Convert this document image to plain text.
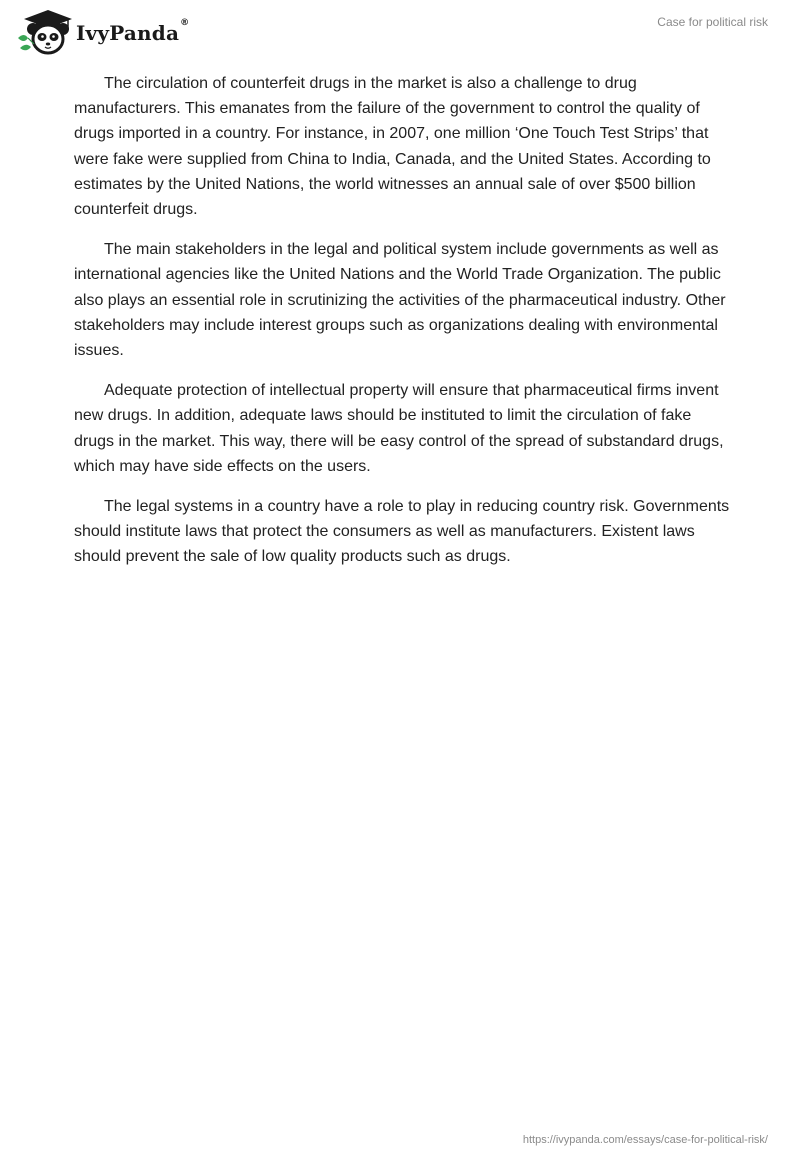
IvyPanda®	Case for political risk

The circulation of counterfeit drugs in the market is also a challenge to drug manufacturers. This emanates from the failure of the government to control the quality of drugs imported in a country. For instance, in 2007, one million ‘One Touch Test Strips’ that were fake were supplied from China to India, Canada, and the United States. According to estimates by the United Nations, the world witnesses an annual sale of over $500 billion counterfeit drugs.

The main stakeholders in the legal and political system include governments as well as international agencies like the United Nations and the World Trade Organization. The public also plays an essential role in scrutinizing the activities of the pharmaceutical industry. Other stakeholders may include interest groups such as organizations dealing with environmental issues.

Adequate protection of intellectual property will ensure that pharmaceutical firms invent new drugs. In addition, adequate laws should be instituted to limit the circulation of fake drugs in the market. This way, there will be easy control of the spread of substandard drugs, which may have side effects on the users.

The legal systems in a country have a role to play in reducing country risk. Governments should institute laws that protect the consumers as well as manufacturers. Existent laws should prevent the sale of low quality products such as drugs.

https://ivypanda.com/essays/case-for-political-risk/
